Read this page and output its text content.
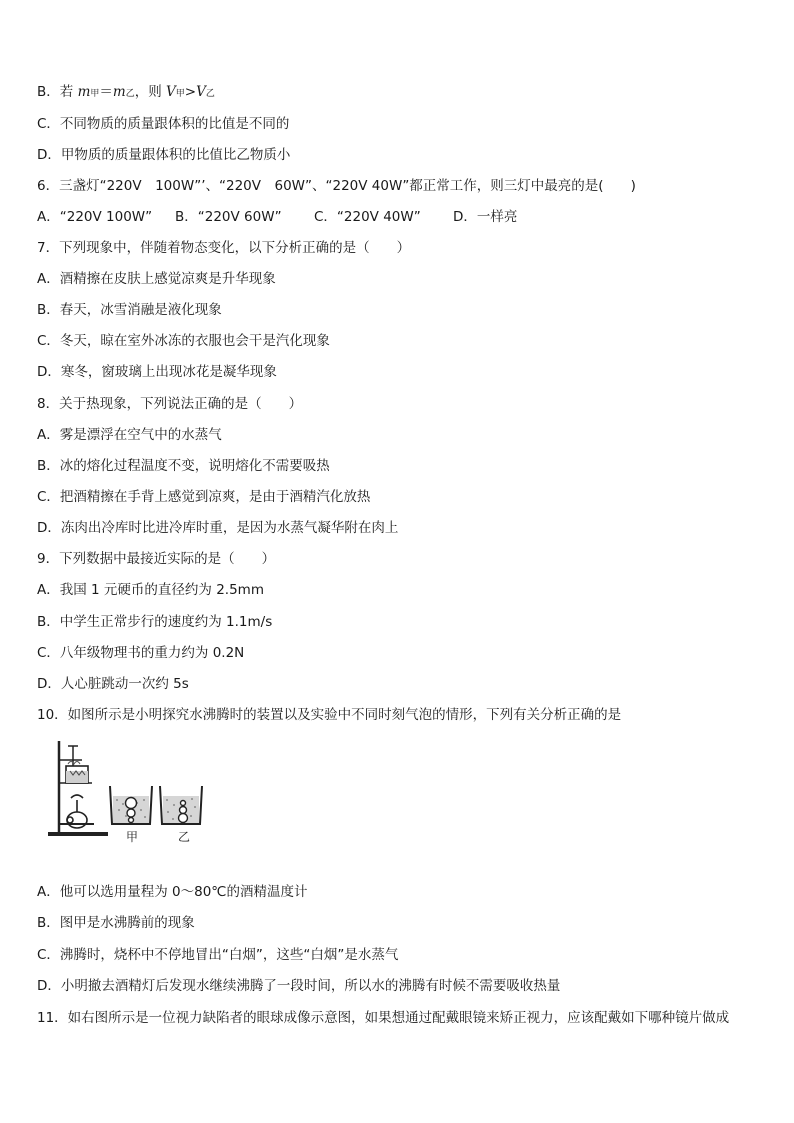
B．若 m甲＝m乙，则 V甲>V乙
C．不同物质的质量跟体积的比值是不同的
D．甲物质的质量跟体积的比值比乙物质小
6．三盏灯“220V　100W”’、“220V　60W”、“220V 40W”都正常工作，则三灯中最亮的是(　　)
A．“220V 100W” B．“220V 60W” C．“220V 40W” D．一样亮
7．下列现象中，伴随着物态变化，以下分析正确的是（　　）
A．酒精擦在皮肤上感觉凉爽是升华现象
B．春天，冰雪消融是液化现象
C．冬天，晾在室外冰冻的衣服也会干是汽化现象
D．寒冬，窗玻璃上出现冰花是凝华现象
8．关于热现象，下列说法正确的是（　　）
A．雾是漂浮在空气中的水蒸气
B．冰的熔化过程温度不变，说明熔化不需要吸热
C．把酒精擦在手背上感觉到凉爽，是由于酒精汽化放热
D．冻肉出冷库时比进冷库时重，是因为水蒸气凝华附在肉上
9．下列数据中最接近实际的是（　　）
A．我国 1 元硬币的直径约为 2.5mm
B．中学生正常步行的速度约为 1.1m/s
C．八年级物理书的重力约为 0.2N
D．人心脏跳动一次约 5s
10．如图所示是小明探究水沸腾时的装置以及实验中不同时刻气泡的情形，下列有关分析正确的是
甲	乙
A．他可以选用量程为 0～80℃的酒精温度计
B．图甲是水沸腾前的现象
C．沸腾时，烧杯中不停地冒出“白烟”，这些“白烟”是水蒸气
D．小明撤去酒精灯后发现水继续沸腾了一段时间，所以水的沸腾有时候不需要吸收热量
11．如右图所示是一位视力缺陷者的眼球成像示意图，如果想通过配戴眼镜来矫正视力，应该配戴如下哪种镜片做成
